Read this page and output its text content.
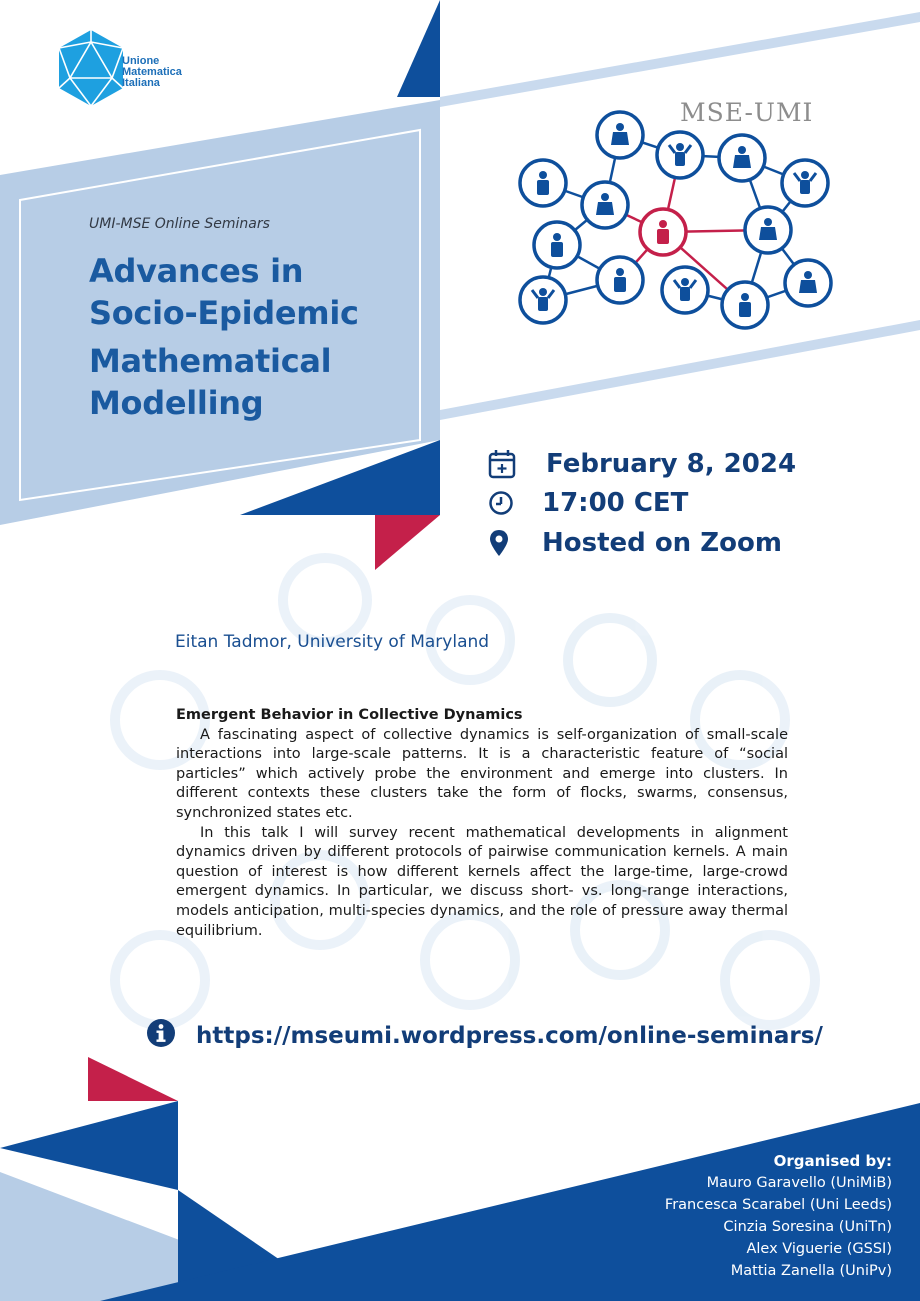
Unione
Matematica
Italiana
MSE-UMI
UMI-MSE Online Seminars
Advances in
Socio-Epidemic
Mathematical
Modelling
February 8, 2024
17:00 CET
Hosted on Zoom
Eitan Tadmor, University of Maryland
Emergent Behavior in Collective Dynamics

A fascinating aspect of collective dynamics is self-organization of small-scale interactions into large-scale patterns. It is a characteristic feature of “social particles” which actively probe the environment and emerge into clusters. In different contexts these clusters take the form of flocks, swarms, consensus, synchronized states etc.

In this talk I will survey recent mathematical developments in alignment dynamics driven by different protocols of pairwise communication kernels. A main question of interest is how different kernels affect the large-time, large-crowd emergent dynamics. In particular, we discuss short- vs. long-range interactions, models anticipation, multi-species dynamics, and the role of pressure away thermal equilibrium.

https://mseumi.wordpress.com/online-seminars/
Organised by:
Mauro Garavello (UniMiB)
Francesca Scarabel (Uni Leeds)
Cinzia Soresina (UniTn)
Alex Viguerie (GSSI)
Mattia Zanella (UniPv)
